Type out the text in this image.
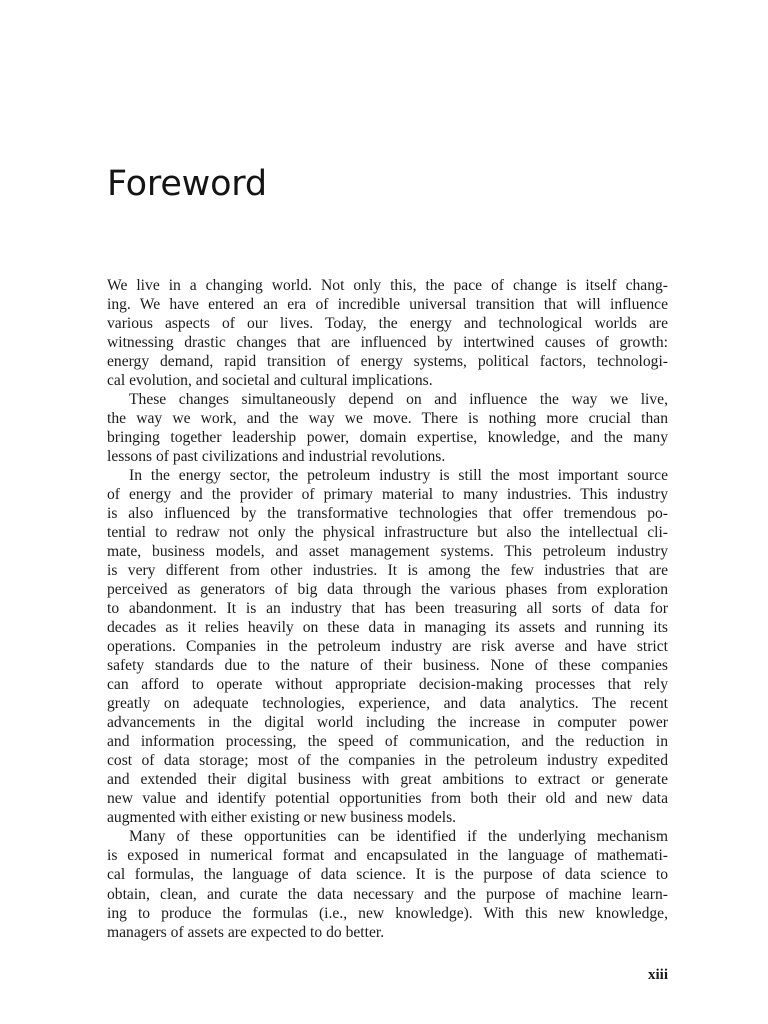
Foreword
We live in a changing world. Not only this, the pace of change is itself chang-
ing. We have entered an era of incredible universal transition that will influence
various aspects of our lives. Today, the energy and technological worlds are
witnessing drastic changes that are influenced by intertwined causes of growth:
energy demand, rapid transition of energy systems, political factors, technologi-
cal evolution, and societal and cultural implications.
These changes simultaneously depend on and influence the way we live,
the way we work, and the way we move. There is nothing more crucial than
bringing together leadership power, domain expertise, knowledge, and the many
lessons of past civilizations and industrial revolutions.
In the energy sector, the petroleum industry is still the most important source
of energy and the provider of primary material to many industries. This industry
is also influenced by the transformative technologies that offer tremendous po-
tential to redraw not only the physical infrastructure but also the intellectual cli-
mate, business models, and asset management systems. This petroleum industry
is very different from other industries. It is among the few industries that are
perceived as generators of big data through the various phases from exploration
to abandonment. It is an industry that has been treasuring all sorts of data for
decades as it relies heavily on these data in managing its assets and running its
operations. Companies in the petroleum industry are risk averse and have strict
safety standards due to the nature of their business. None of these companies
can afford to operate without appropriate decision-making processes that rely
greatly on adequate technologies, experience, and data analytics. The recent
advancements in the digital world including the increase in computer power
and information processing, the speed of communication, and the reduction in
cost of data storage; most of the companies in the petroleum industry expedited
and extended their digital business with great ambitions to extract or generate
new value and identify potential opportunities from both their old and new data
augmented with either existing or new business models.
Many of these opportunities can be identified if the underlying mechanism
is exposed in numerical format and encapsulated in the language of mathemati-
cal formulas, the language of data science. It is the purpose of data science to
obtain, clean, and curate the data necessary and the purpose of machine learn-
ing to produce the formulas (i.e., new knowledge). With this new knowledge,
managers of assets are expected to do better.
xiii
